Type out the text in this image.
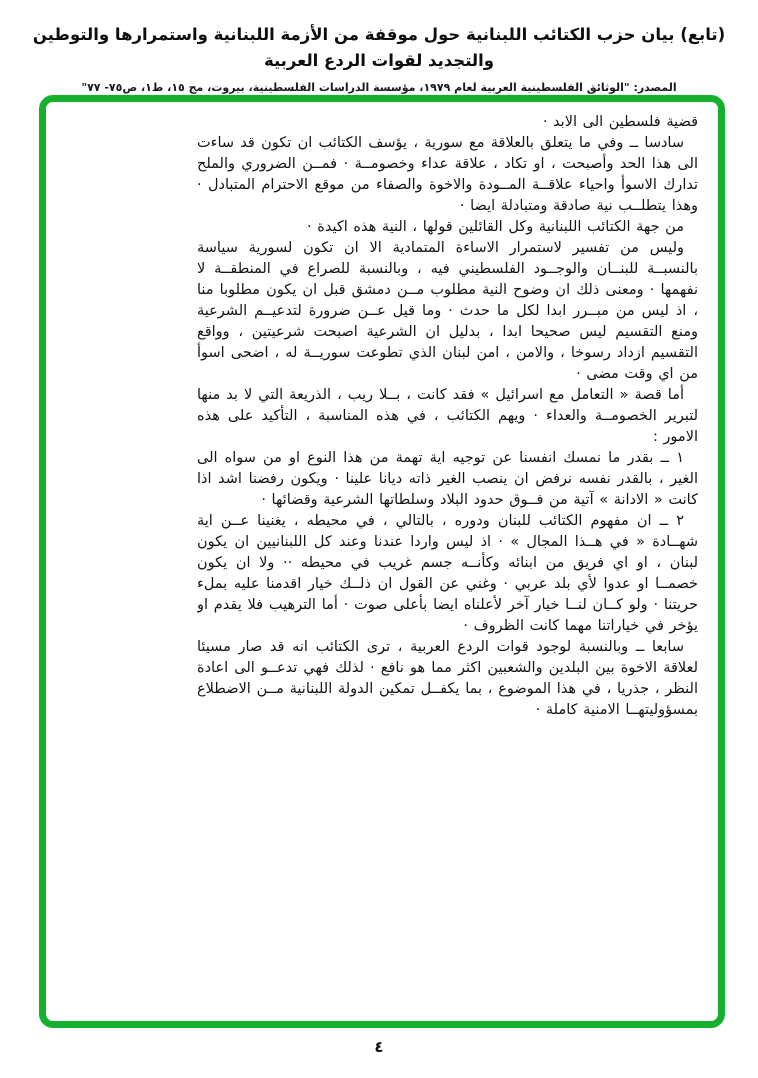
(تابع) بيان حزب الكتائب اللبنانية حول موقفة من الأزمة اللبنانية واستمرارها والتوطين والتجديد لقوات الردع العربية
المصدر: "الوثائق الفلسطينية العربية لعام ١٩٧٩، مؤسسة الدراسات الفلسطينية، بيروت، مج ١٥، ط١، ص٧٥- ٧٧"

قضية فلسطين الى الابد ·

سادسا ــ وفي ما يتعلق بالعلاقة مع سورية ، يؤسف الكتائب ان تكون قد ساءت الى هذا الحد وأصبحت ، او تكاد ، علاقة عداء وخصومــة · فمــن الضروري والملح تدارك الاسوأ واحياء علاقــة المــودة والاخوة والصفاء من موقع الاحترام المتبادل · وهذا يتطلــب نية صادقة ومتبادلة ايضا ·

من جهة الكتائب اللبنانية وكل القائلين قولها ، النية هذه اكيدة ·

وليس من تفسير لاستمرار الاساءة المتمادية الا ان تكون لسورية سياسة بالنسبــة للبنــان والوجــود الفلسطيني فيه ، وبالنسبة للصراع في المنطقــة لا نفهمها · ومعنى ذلك ان وضوح النية مطلوب مــن دمشق قبل ان يكون مطلوبا منا ، اذ ليس من مبــرر ابدا لكل ما حدث · وما قيل عــن ضرورة لتدعيــم الشرعية ومنع التقسيم ليس صحيحا ابدا ، بدليل ان الشرعية اصبحت شرعيتين ، وواقع التقسيم ازداد رسوخا ، والامن ، امن لبنان الذي تطوعت سوريــة له ، اضحى اسوأ من اي وقت مضى ·

أما قصة « التعامل مع اسرائيل » فقد كانت ، بــلا ريب ، الذريعة التي لا بد منها لتبرير الخصومــة والعداء · ويهم الكتائب ، في هذه المناسبة ، التأكيد على هذه الامور :

١ ــ بقدر ما نمسك انفسنا عن توجيه اية تهمة من هذا النوع او من سواه الى الغير ، بالقدر نفسه نرفض ان ينصب الغير ذاته ديانا علينا · ويكون رفضنا اشد اذا كانت « الادانة » آتية من فــوق حدود البلاد وسلطاتها الشرعية وقضائها ·

٢ ــ ان مفهوم الكتائب للبنان ودوره ، بالتالي ، في محيطه ، يغنينا عــن اية شهــادة « في هــذا المجال » · اذ ليس واردا عندنا وعند كل اللبنانيين ان يكون لبنان ، او اي فريق من ابنائه وكأنــه جسم غريب في محيطه ·· ولا ان يكون خصمــا او عدوا لأي بلد عربي · وغني عن القول ان ذلــك خيار اقدمنا عليه بملء حريتنا · ولو كــان لنــا خيار آخر لأعلناه ايضا بأعلى صوت · أما الترهيب فلا يقدم او يؤخر في خياراتنا مهما كانت الظروف ·

سابعا ــ وبالنسبة لوجود قوات الردع العربية ، ترى الكتائب انه قد صار مسيئا لعلاقة الاخوة بين البلدين والشعبين اكثر مما هو نافع · لذلك فهي تدعــو الى اعادة النظر ، جذريا ، في هذا الموضوع ، بما يكفــل تمكين الدولة اللبنانية مــن الاضطلاع بمسؤوليتهــا الامنية كاملة ·

٤
